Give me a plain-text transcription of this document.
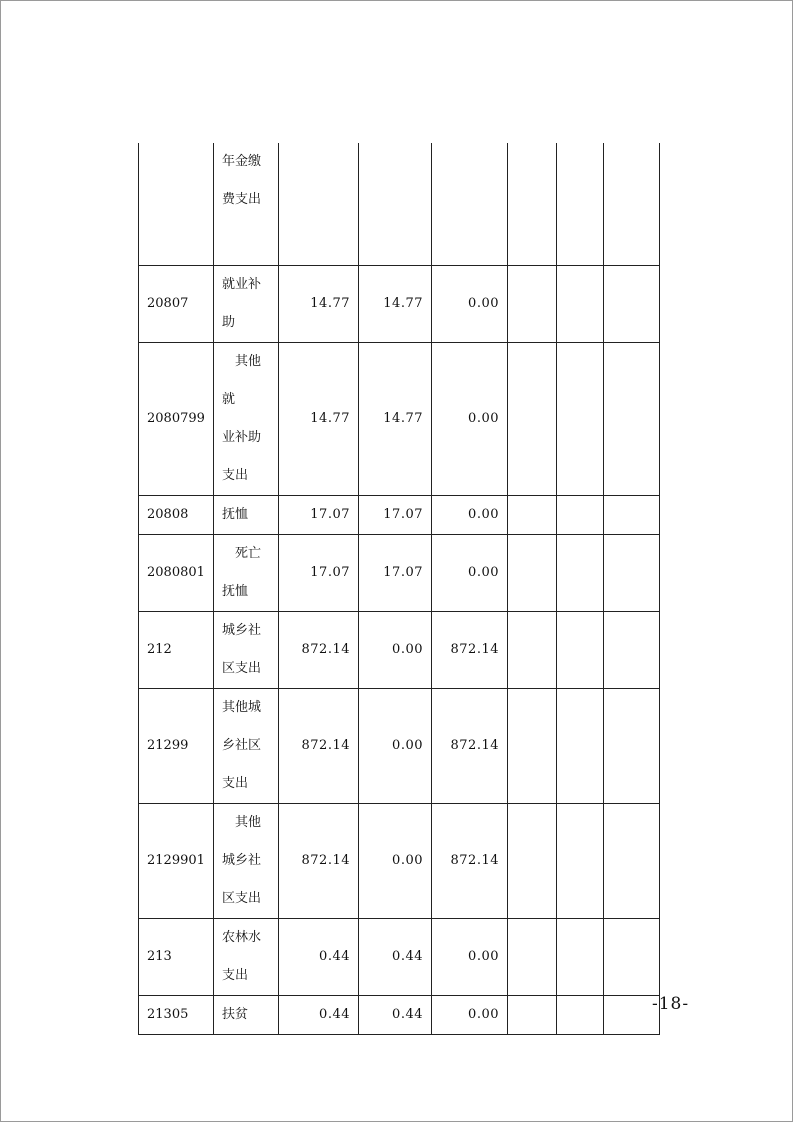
	年金缴
费支出						
20807	就业补
助	14.77	14.77	0.00			
2080799	其他就
业补助
支出	14.77	14.77	0.00			
20808	抚恤	17.07	17.07	0.00			
2080801	死亡
抚恤	17.07	17.07	0.00			
212	城乡社
区支出	872.14	0.00	872.14			
21299	其他城
乡社区
支出	872.14	0.00	872.14			
2129901	其他
城乡社
区支出	872.14	0.00	872.14			
213	农林水
支出	0.44	0.44	0.00			
21305	扶贫	0.44	0.44	0.00			
-18-
